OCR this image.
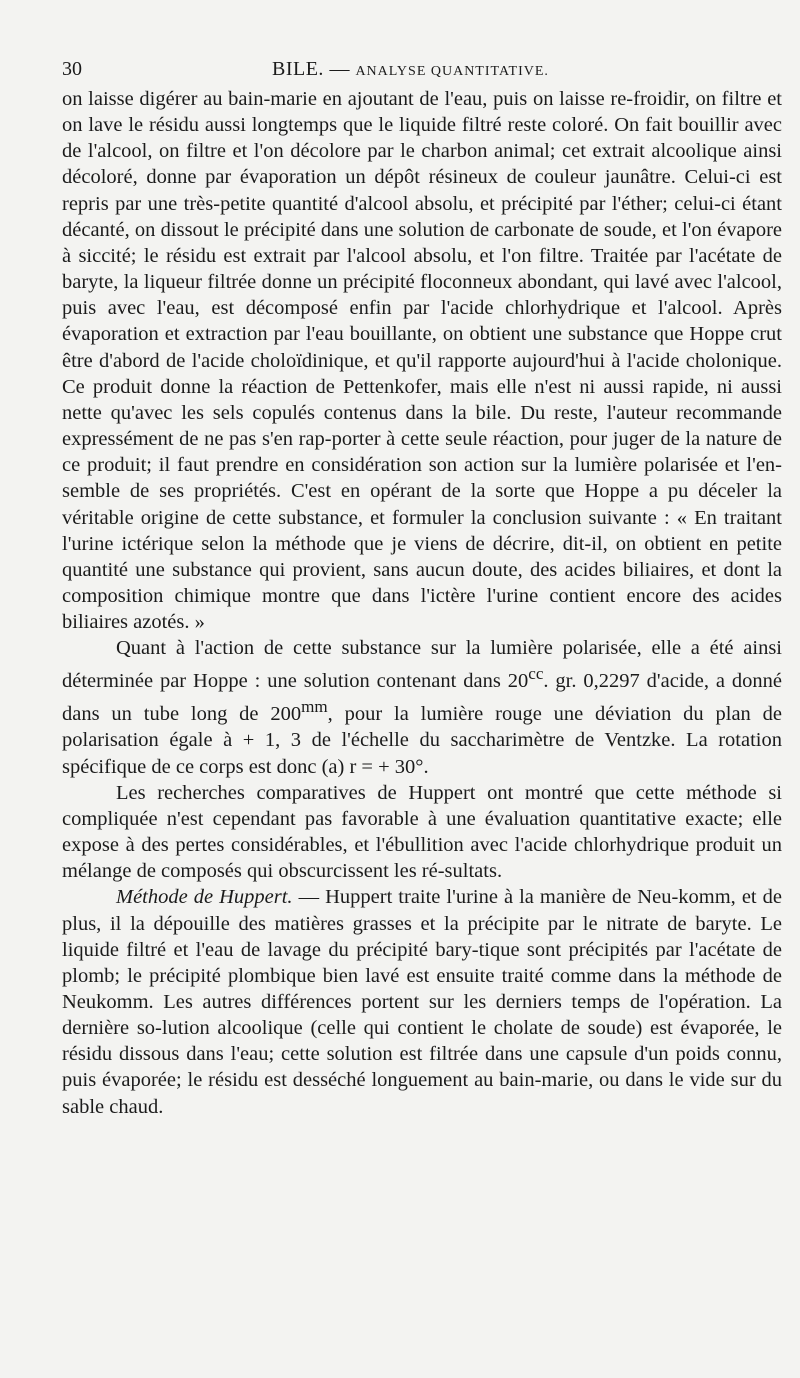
30	BILE. — ANALYSE QUANTITATIVE.

on laisse digérer au bain-marie en ajoutant de l'eau, puis on laisse re-froidir, on filtre et on lave le résidu aussi longtemps que le liquide filtré reste coloré. On fait bouillir avec de l'alcool, on filtre et l'on décolore par le charbon animal; cet extrait alcoolique ainsi décoloré, donne par évaporation un dépôt résineux de couleur jaunâtre. Celui-ci est repris par une très-petite quantité d'alcool absolu, et précipité par l'éther; celui-ci étant décanté, on dissout le précipité dans une solution de carbonate de soude, et l'on évapore à siccité; le résidu est extrait par l'alcool absolu, et l'on filtre. Traitée par l'acétate de baryte, la liqueur filtrée donne un précipité floconneux abondant, qui lavé avec l'alcool, puis avec l'eau, est décomposé enfin par l'acide chlorhydrique et l'alcool. Après évaporation et extraction par l'eau bouillante, on obtient une substance que Hoppe crut être d'abord de l'acide choloïdinique, et qu'il rapporte aujourd'hui à l'acide cholonique. Ce produit donne la réaction de Pettenkofer, mais elle n'est ni aussi rapide, ni aussi nette qu'avec les sels copulés contenus dans la bile. Du reste, l'auteur recommande expressément de ne pas s'en rap-porter à cette seule réaction, pour juger de la nature de ce produit; il faut prendre en considération son action sur la lumière polarisée et l'en-semble de ses propriétés. C'est en opérant de la sorte que Hoppe a pu déceler la véritable origine de cette substance, et formuler la conclusion suivante : « En traitant l'urine ictérique selon la méthode que je viens de décrire, dit-il, on obtient en petite quantité une substance qui provient, sans aucun doute, des acides biliaires, et dont la composition chimique montre que dans l'ictère l'urine contient encore des acides biliaires azotés. »

Quant à l'action de cette substance sur la lumière polarisée, elle a été ainsi déterminée par Hoppe : une solution contenant dans $20^{cc}$. gr. 0,2297 d'acide, a donné dans un tube long de $200^{mm}$, pour la lumière rouge une déviation du plan de polarisation égale à + 1, 3 de l'échelle du saccharimètre de Ventzke. La rotation spécifique de ce corps est donc (a) r = + 30°.

Les recherches comparatives de Huppert ont montré que cette méthode si compliquée n'est cependant pas favorable à une évaluation quantitative exacte; elle expose à des pertes considérables, et l'ébullition avec l'acide chlorhydrique produit un mélange de composés qui obscurcissent les ré-sultats.

Méthode de Huppert. — Huppert traite l'urine à la manière de Neu-komm, et de plus, il la dépouille des matières grasses et la précipite par le nitrate de baryte. Le liquide filtré et l'eau de lavage du précipité bary-tique sont précipités par l'acétate de plomb; le précipité plombique bien lavé est ensuite traité comme dans la méthode de Neukomm. Les autres différences portent sur les derniers temps de l'opération. La dernière so-lution alcoolique (celle qui contient le cholate de soude) est évaporée, le résidu dissous dans l'eau; cette solution est filtrée dans une capsule d'un poids connu, puis évaporée; le résidu est desséché longuement au bain-marie, ou dans le vide sur du sable chaud.
